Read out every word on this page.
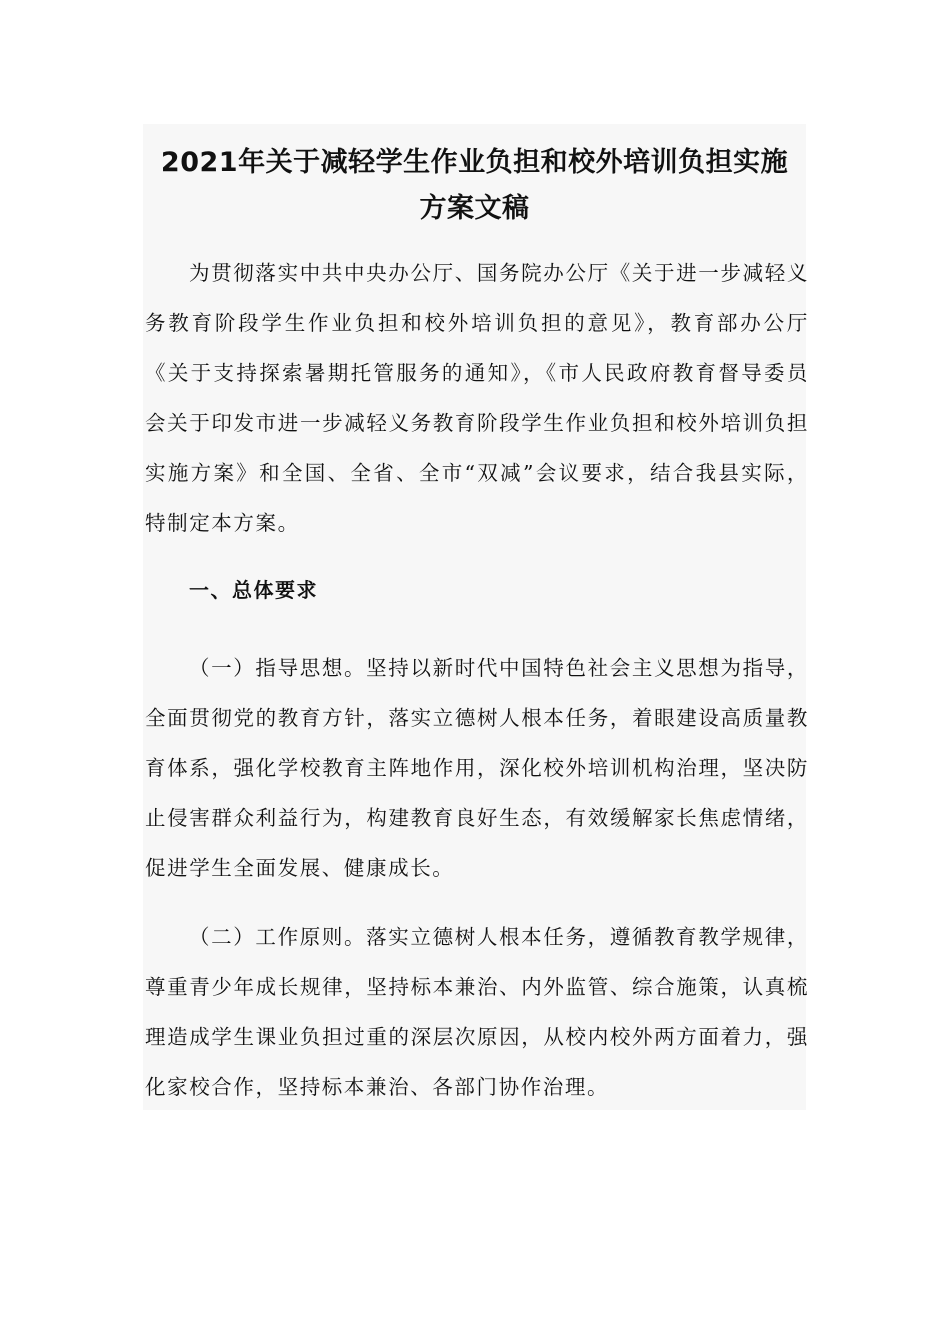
2021年关于减轻学生作业负担和校外培训负担实施
方案文稿

为贯彻落实中共中央办公厅、国务院办公厅《关于进一步减轻义务教育阶段学生作业负担和校外培训负担的意见》，教育部办公厅《关于支持探索暑期托管服务的通知》，《市人民政府教育督导委员会关于印发市进一步减轻义务教育阶段学生作业负担和校外培训负担实施方案》和全国、全省、全市“双减”会议要求，结合我县实际，特制定本方案。

一、总体要求

（一）指导思想。坚持以新时代中国特色社会主义思想为指导，全面贯彻党的教育方针，落实立德树人根本任务，着眼建设高质量教育体系，强化学校教育主阵地作用，深化校外培训机构治理，坚决防止侵害群众利益行为，构建教育良好生态，有效缓解家长焦虑情绪，促进学生全面发展、健康成长。

（二）工作原则。落实立德树人根本任务，遵循教育教学规律，尊重青少年成长规律，坚持标本兼治、内外监管、综合施策，认真梳理造成学生课业负担过重的深层次原因，从校内校外两方面着力，强化家校合作，坚持标本兼治、各部门协作治理。
